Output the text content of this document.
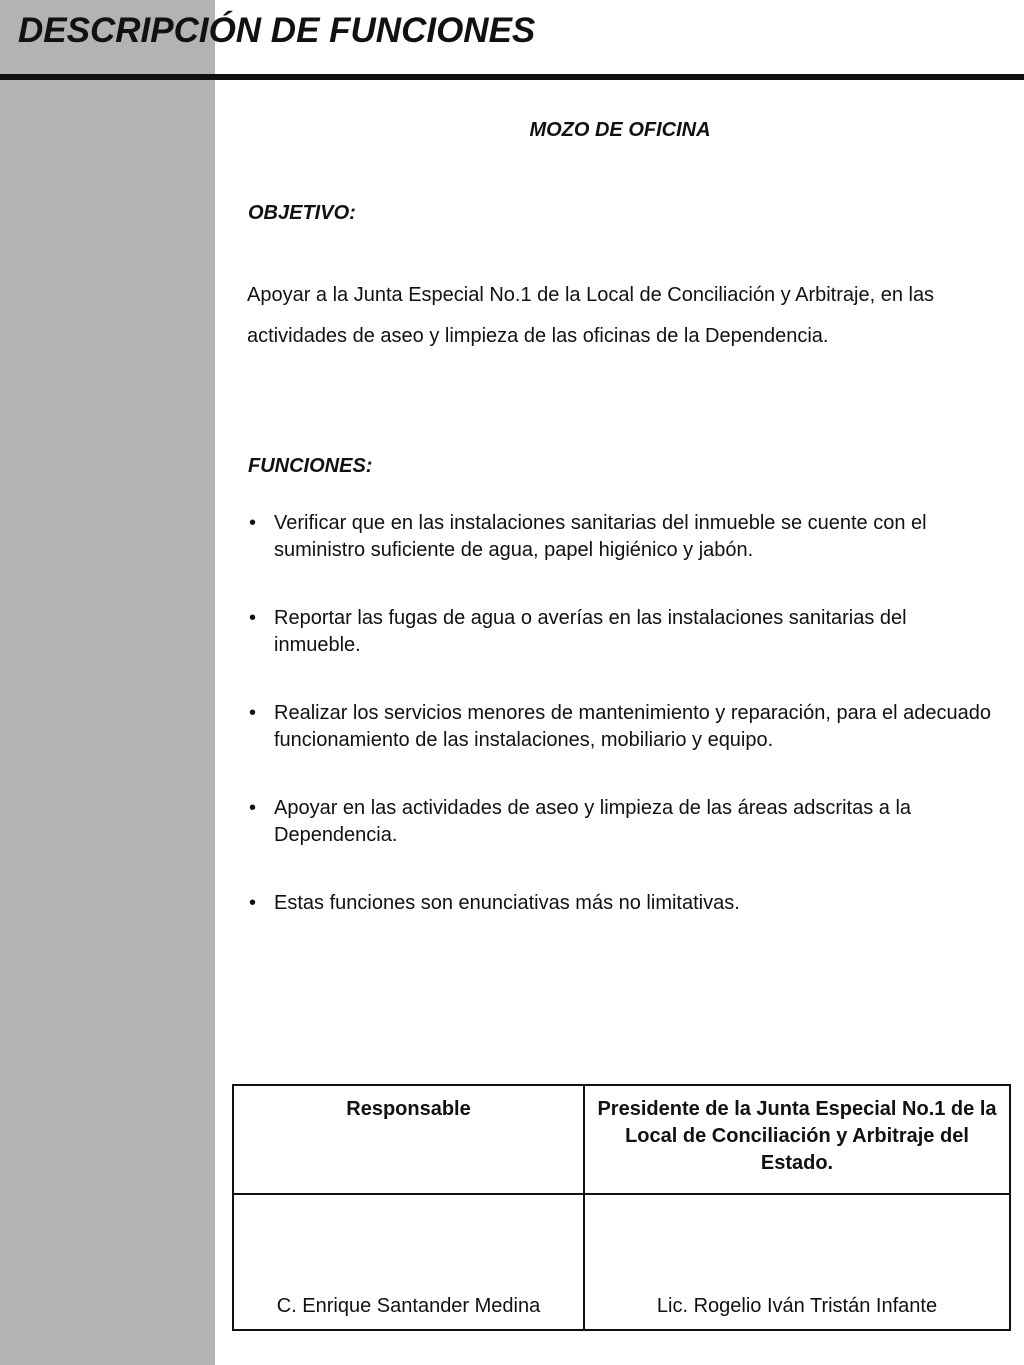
DESCRIPCIÓN DE FUNCIONES
MOZO DE OFICINA
OBJETIVO:

Apoyar a la Junta Especial No.1 de la Local de Conciliación y Arbitraje, en las actividades de aseo y limpieza de las oficinas de la Dependencia.

FUNCIONES:
• Verificar que en las instalaciones sanitarias del inmueble se cuente con el suministro suficiente de agua, papel higiénico y jabón.
• Reportar las fugas de agua o averías en las instalaciones sanitarias del inmueble.
• Realizar los servicios menores de mantenimiento y reparación, para el adecuado funcionamiento de las instalaciones, mobiliario y equipo.
• Apoyar en las actividades de aseo y limpieza de las áreas adscritas a la Dependencia.
• Estas funciones son enunciativas más no limitativas.
Responsable	Presidente de la Junta Especial No.1 de la Local de Conciliación y Arbitraje del Estado.
C. Enrique Santander Medina	Lic. Rogelio Iván Tristán Infante
